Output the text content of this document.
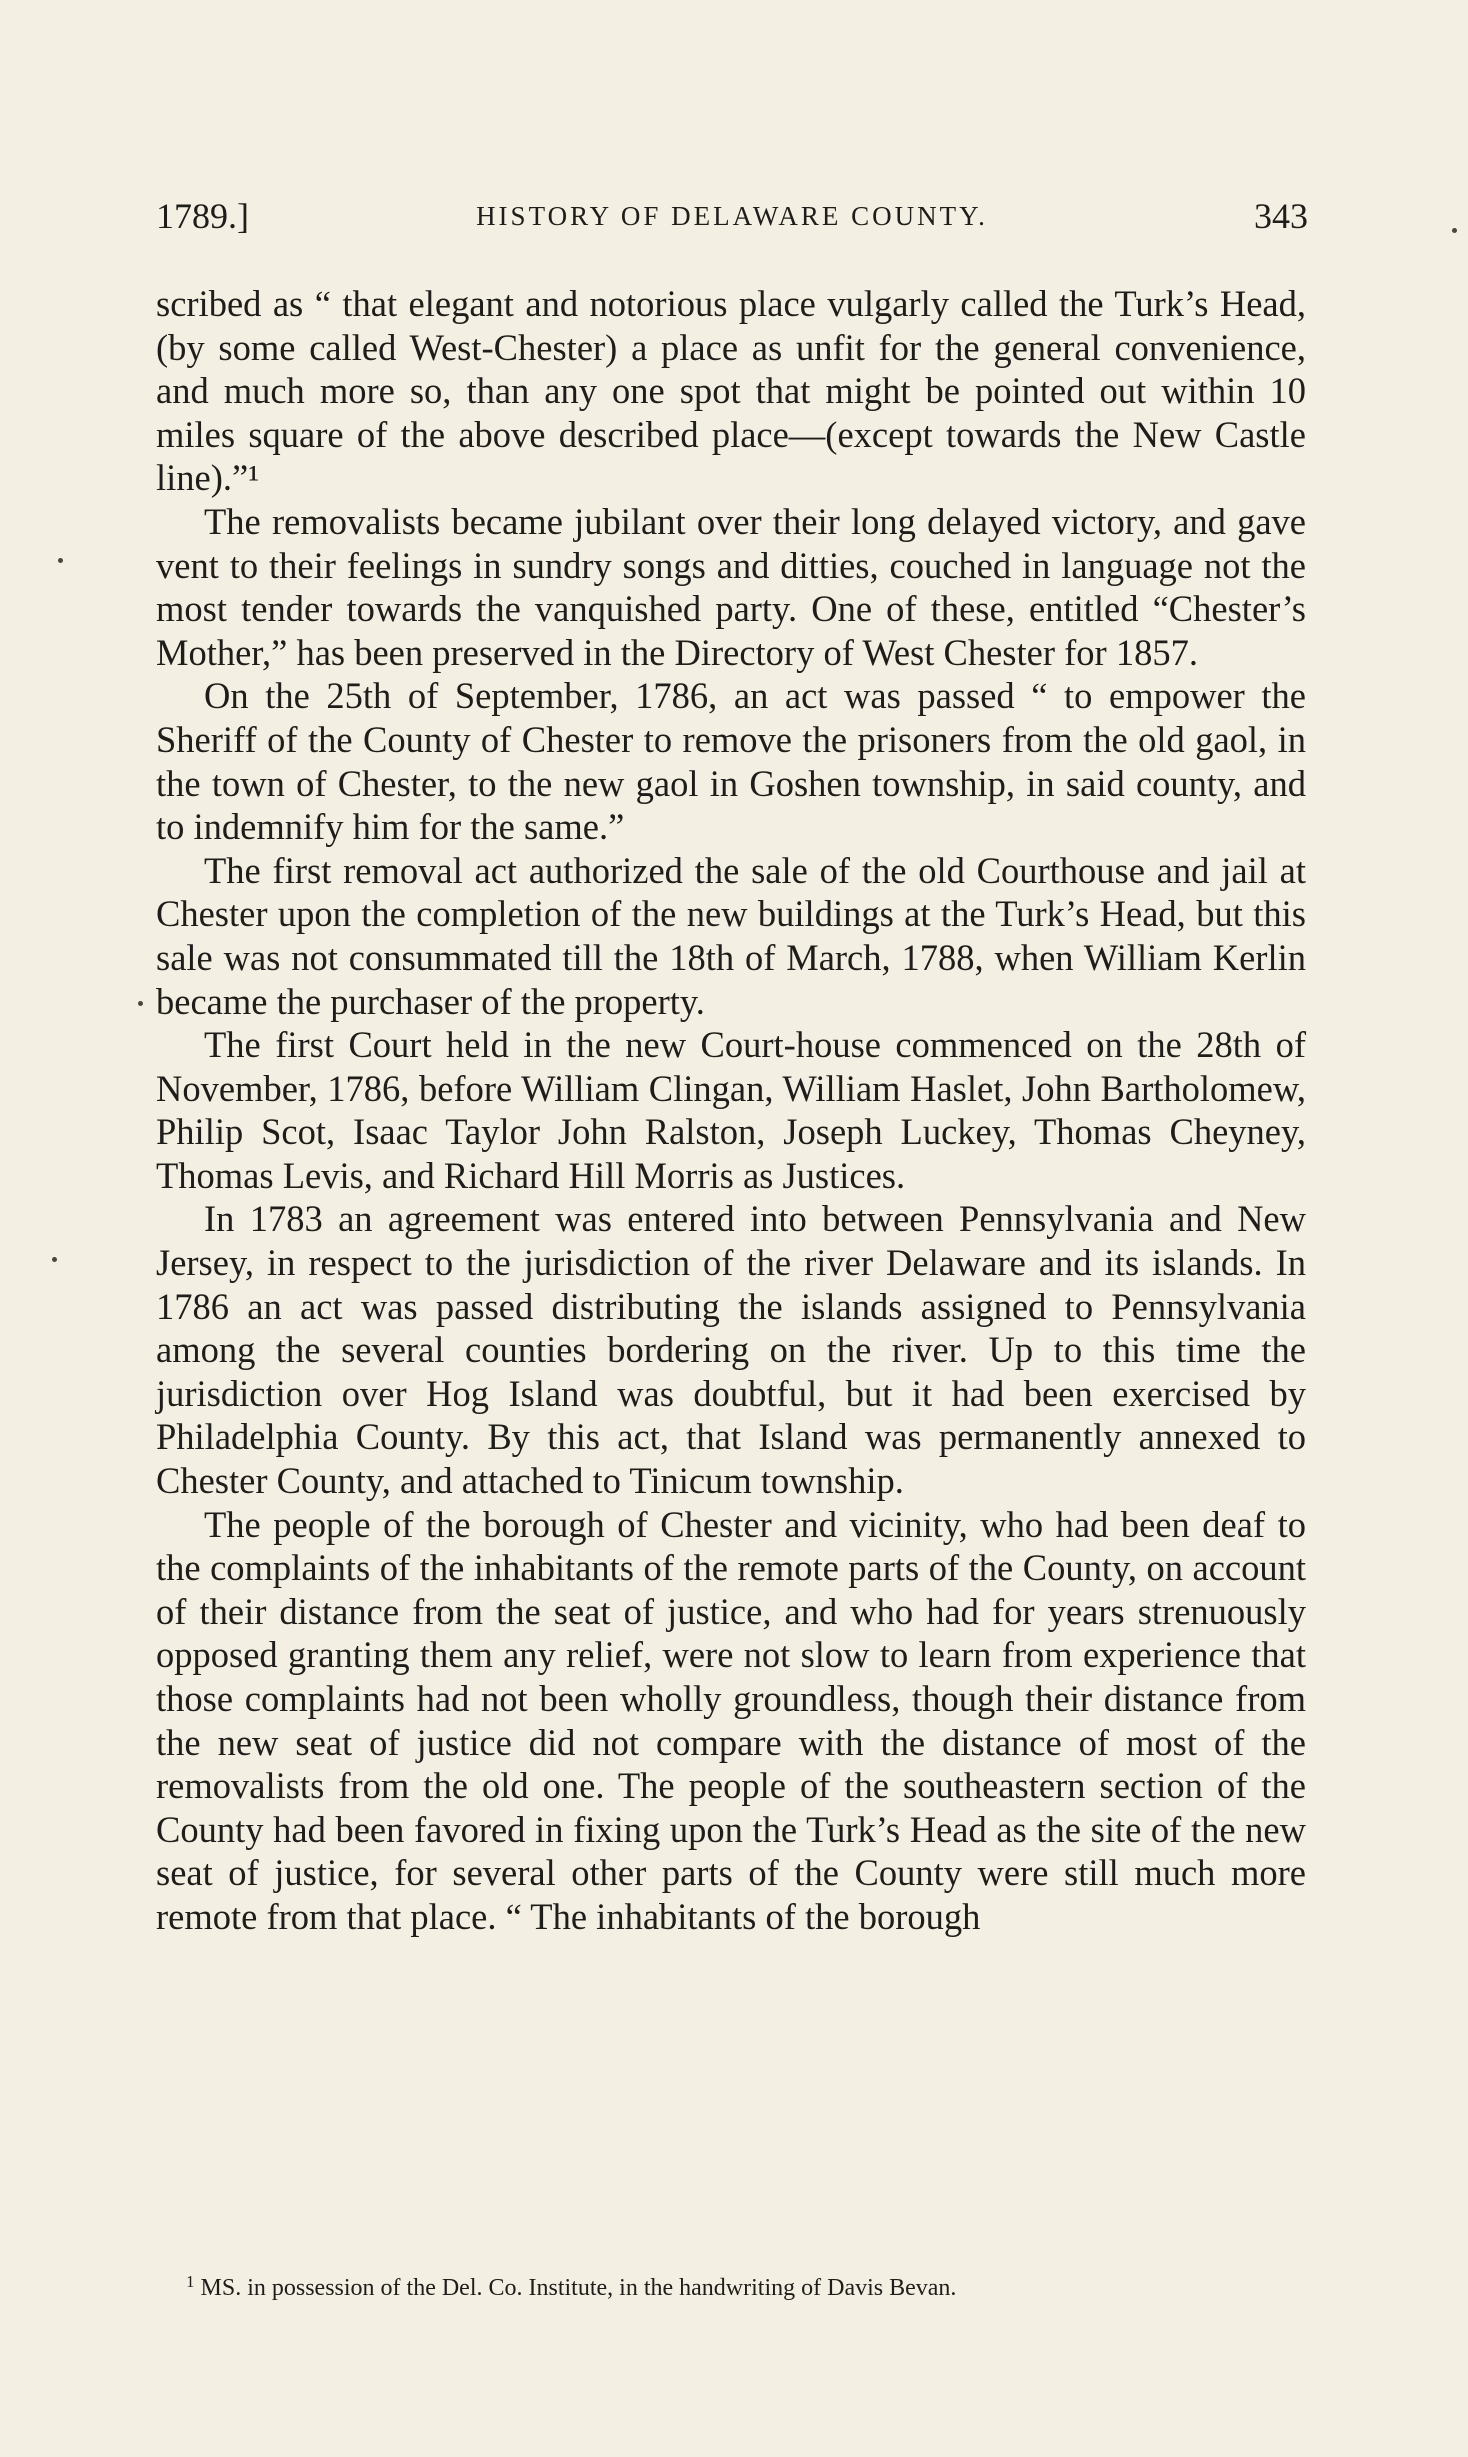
1789.]	HISTORY OF DELAWARE COUNTY.	343

scribed as “ that elegant and notorious place vulgarly called the Turk’s Head, (by some called West-Chester) a place as unfit for the general convenience, and much more so, than any one spot that might be pointed out within 10 miles square of the above described place—(except towards the New Castle line).”¹

The removalists became jubilant over their long delayed victory, and gave vent to their feelings in sundry songs and ditties, couched in language not the most tender towards the vanquished party. One of these, entitled “Chester’s Mother,” has been preserved in the Directory of West Chester for 1857.

On the 25th of September, 1786, an act was passed “ to empower the Sheriff of the County of Chester to remove the prisoners from the old gaol, in the town of Chester, to the new gaol in Goshen township, in said county, and to indemnify him for the same.”

The first removal act authorized the sale of the old Courthouse and jail at Chester upon the completion of the new buildings at the Turk’s Head, but this sale was not consummated till the 18th of March, 1788, when William Kerlin became the purchaser of the property.

The first Court held in the new Court-house commenced on the 28th of November, 1786, before William Clingan, William Haslet, John Bartholomew, Philip Scot, Isaac Taylor John Ralston, Joseph Luckey, Thomas Cheyney, Thomas Levis, and Richard Hill Morris as Justices.

In 1783 an agreement was entered into between Pennsylvania and New Jersey, in respect to the jurisdiction of the river Delaware and its islands. In 1786 an act was passed distributing the islands assigned to Pennsylvania among the several counties bordering on the river. Up to this time the jurisdiction over Hog Island was doubtful, but it had been exercised by Philadelphia County. By this act, that Island was permanently annexed to Chester County, and attached to Tinicum township.

The people of the borough of Chester and vicinity, who had been deaf to the complaints of the inhabitants of the remote parts of the County, on account of their distance from the seat of justice, and who had for years strenuously opposed granting them any relief, were not slow to learn from experience that those complaints had not been wholly groundless, though their distance from the new seat of justice did not compare with the distance of most of the removalists from the old one. The people of the southeastern section of the County had been favored in fixing upon the Turk’s Head as the site of the new seat of justice, for several other parts of the County were still much more remote from that place. “ The inhabitants of the borough

$^1$ MS. in possession of the Del. Co. Institute, in the handwriting of Davis Bevan.
